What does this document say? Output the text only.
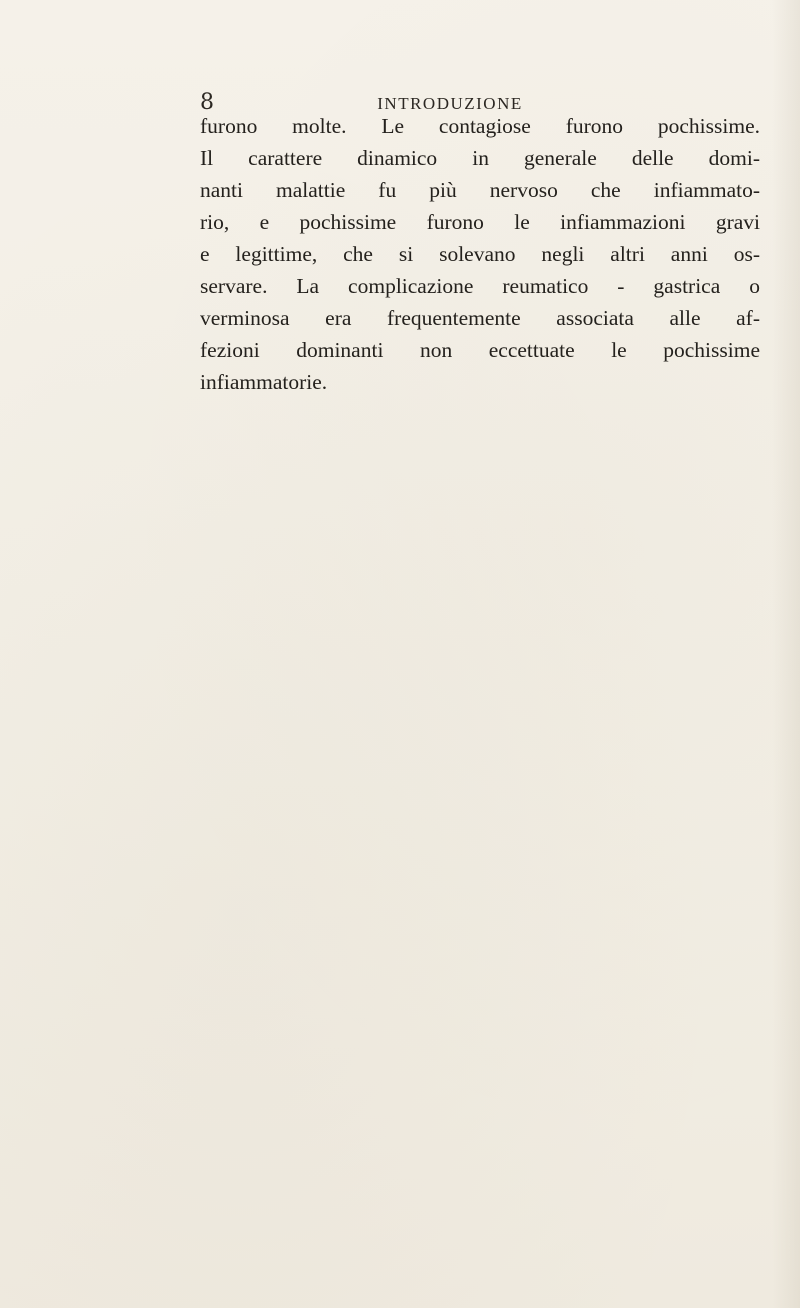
8	INTRODUZIONE
furono molte. Le contagiose furono pochissime.
Il carattere dinamico in generale delle domi-
nanti malattie fu più nervoso che infiammato-
rio, e pochissime furono le infiammazioni gravi
e legittime, che si solevano negli altri anni os-
servare. La complicazione reumatico - gastrica o
verminosa era frequentemente associata alle af-
fezioni dominanti non eccettuate le pochissime
infiammatorie.
